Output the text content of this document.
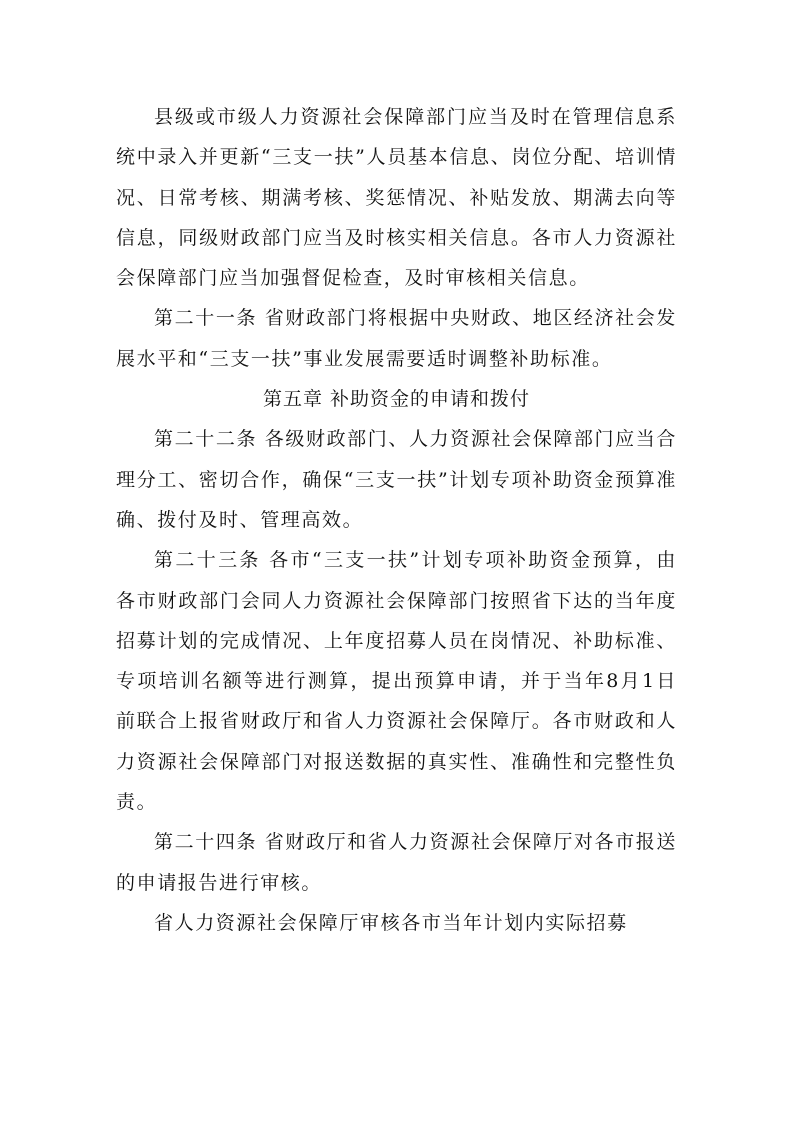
县级或市级人力资源社会保障部门应当及时在管理信息系统中录入并更新“三支一扶”人员基本信息、岗位分配、培训情况、日常考核、期满考核、奖惩情况、补贴发放、期满去向等信息，同级财政部门应当及时核实相关信息。各市人力资源社会保障部门应当加强督促检查，及时审核相关信息。

第二十一条 省财政部门将根据中央财政、地区经济社会发展水平和“三支一扶”事业发展需要适时调整补助标准。

第五章 补助资金的申请和拨付

第二十二条 各级财政部门、人力资源社会保障部门应当合理分工、密切合作，确保“三支一扶”计划专项补助资金预算准确、拨付及时、管理高效。

第二十三条 各市“三支一扶”计划专项补助资金预算，由各市财政部门会同人力资源社会保障部门按照省下达的当年度招募计划的完成情况、上年度招募人员在岗情况、补助标准、专项培训名额等进行测算，提出预算申请，并于当年8月1日前联合上报省财政厅和省人力资源社会保障厅。各市财政和人力资源社会保障部门对报送数据的真实性、准确性和完整性负责。

第二十四条 省财政厅和省人力资源社会保障厅对各市报送的申请报告进行审核。

省人力资源社会保障厅审核各市当年计划内实际招募
